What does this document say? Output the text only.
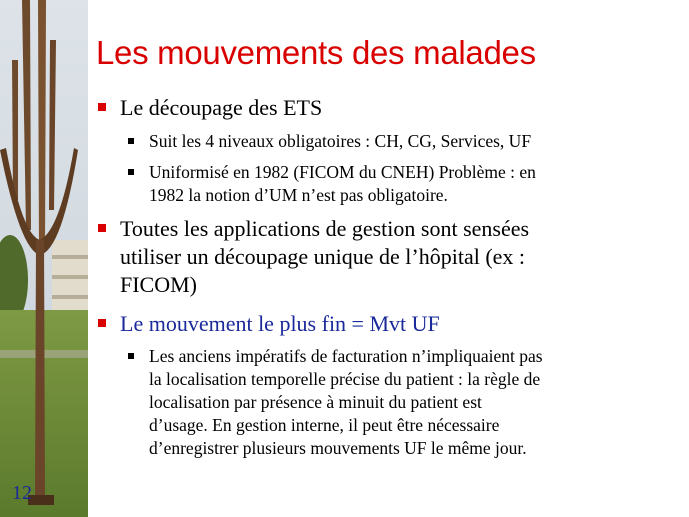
12
Les mouvements des malades
Le découpage des ETS
Suit les 4 niveaux obligatoires : CH, CG, Services, UF
Uniformisé en 1982 (FICOM du CNEH) Problème : en
1982 la notion d’UM n’est pas obligatoire.
Toutes les applications de gestion sont sensées
utiliser un découpage unique de l’hôpital (ex :
FICOM)
Le mouvement le plus fin = Mvt UF
Les anciens impératifs de facturation n’impliquaient pas
la localisation temporelle précise du patient : la règle de
localisation par présence à minuit du patient est
d’usage. En gestion interne, il peut être nécessaire
d’enregistrer plusieurs mouvements UF le même jour.
